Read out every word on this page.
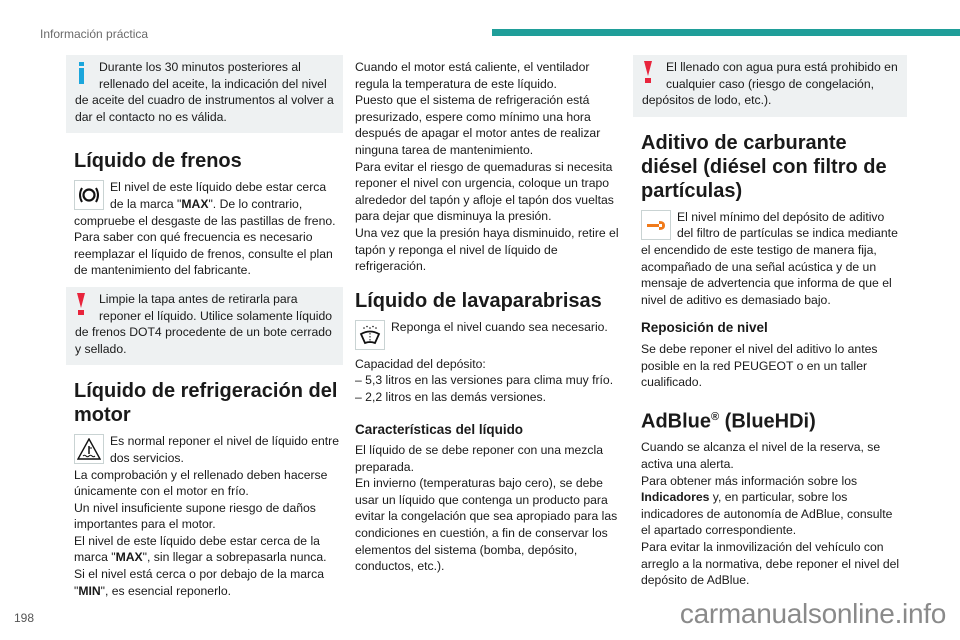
Información práctica

Durante los 30 minutos posteriores al rellenado del aceite, la indicación del nivel de aceite del cuadro de instrumentos al volver a dar el contacto no es válida.

Líquido de frenos

El nivel de este líquido debe estar cerca de la marca "MAX". De lo contrario, compruebe el desgaste de las pastillas de freno.

Para saber con qué frecuencia es necesario reemplazar el líquido de frenos, consulte el plan de mantenimiento del fabricante.

Limpie la tapa antes de retirarla para reponer el líquido. Utilice solamente líquido de frenos DOT4 procedente de un bote cerrado y sellado.

Líquido de refrigeración del motor

Es normal reponer el nivel de líquido entre dos servicios.

La comprobación y el rellenado deben hacerse únicamente con el motor en frío.

Un nivel insuficiente supone riesgo de daños importantes para el motor.

El nivel de este líquido debe estar cerca de la marca "MAX", sin llegar a sobrepasarla nunca.

Si el nivel está cerca o por debajo de la marca "MIN", es esencial reponerlo.

Cuando el motor está caliente, el ventilador regula la temperatura de este líquido.

Puesto que el sistema de refrigeración está presurizado, espere como mínimo una hora después de apagar el motor antes de realizar ninguna tarea de mantenimiento.

Para evitar el riesgo de quemaduras si necesita reponer el nivel con urgencia, coloque un trapo alrededor del tapón y afloje el tapón dos vueltas para dejar que disminuya la presión.

Una vez que la presión haya disminuido, retire el tapón y reponga el nivel de líquido de refrigeración.

Líquido de lavaparabrisas

Reponga el nivel cuando sea necesario.

Capacidad del depósito:

– 5,3 litros en las versiones para clima muy frío.

– 2,2 litros en las demás versiones.

Características del líquido

El líquido de se debe reponer con una mezcla preparada.

En invierno (temperaturas bajo cero), se debe usar un líquido que contenga un producto para evitar la congelación que sea apropiado para las condiciones en cuestión, a fin de conservar los elementos del sistema (bomba, depósito, conductos, etc.).

El llenado con agua pura está prohibido en cualquier caso (riesgo de congelación, depósitos de lodo, etc.).

Aditivo de carburante diésel (diésel con filtro de partículas)

El nivel mínimo del depósito de aditivo del filtro de partículas se indica mediante el encendido de este testigo de manera fija, acompañado de una señal acústica y de un mensaje de advertencia que informa de que el nivel de aditivo es demasiado bajo.

Reposición de nivel

Se debe reponer el nivel del aditivo lo antes posible en la red PEUGEOT o en un taller cualificado.

AdBlue® (BlueHDi)

Cuando se alcanza el nivel de la reserva, se activa una alerta.

Para obtener más información sobre los Indicadores y, en particular, sobre los indicadores de autonomía de AdBlue, consulte el apartado correspondiente.

Para evitar la inmovilización del vehículo con arreglo a la normativa, debe reponer el nivel del depósito de AdBlue.

198	carmanualsonline.info
